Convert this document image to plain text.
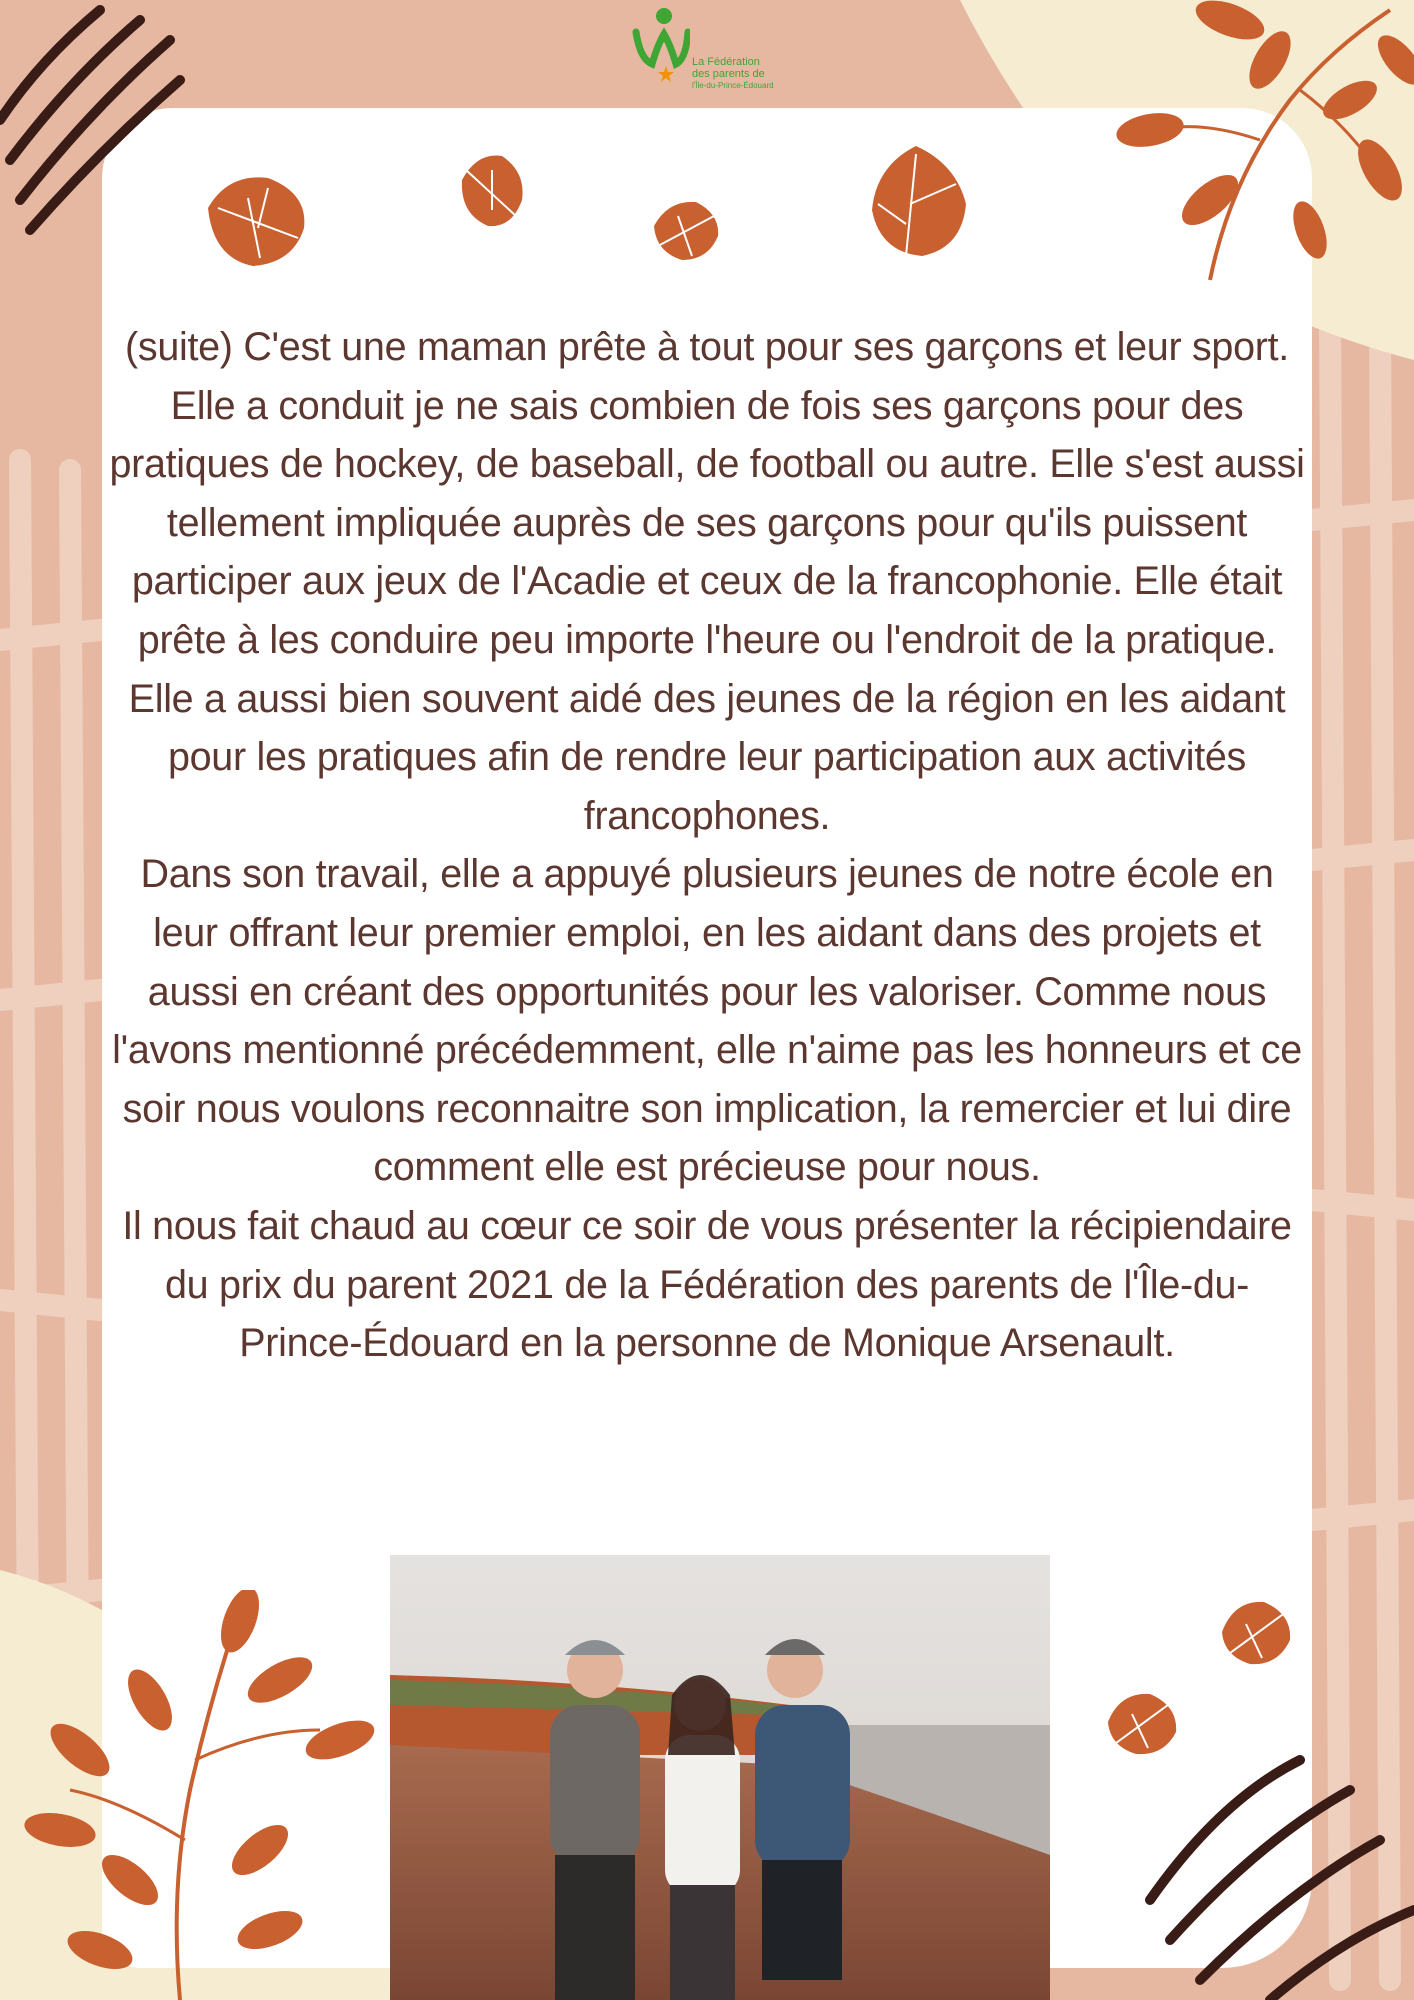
La Fédération
des parents de
l'Île-du-Prince-Édouard

(suite) C'est une maman prête à tout pour ses garçons et leur sport. Elle a conduit je ne sais combien de fois ses garçons pour des pratiques de hockey, de baseball, de football ou autre. Elle s'est aussi tellement impliquée auprès de ses garçons pour qu'ils puissent participer aux jeux de l'Acadie et ceux de la francophonie. Elle était prête à les conduire peu importe l'heure ou l'endroit de la pratique. Elle a aussi bien souvent aidé des jeunes de la région en les aidant pour les pratiques afin de rendre leur participation aux activités francophones.

Dans son travail, elle a appuyé plusieurs jeunes de notre école en leur offrant leur premier emploi, en les aidant dans des projets et aussi en créant des opportunités pour les valoriser. Comme nous l'avons mentionné précédemment, elle n'aime pas les honneurs et ce soir nous voulons reconnaitre son implication, la remercier et lui dire comment elle est précieuse pour nous.

Il nous fait chaud au cœur ce soir de vous présenter la récipiendaire du prix du parent 2021 de la Fédération des parents de l'Île-du-Prince-Édouard en la personne de Monique Arsenault.
